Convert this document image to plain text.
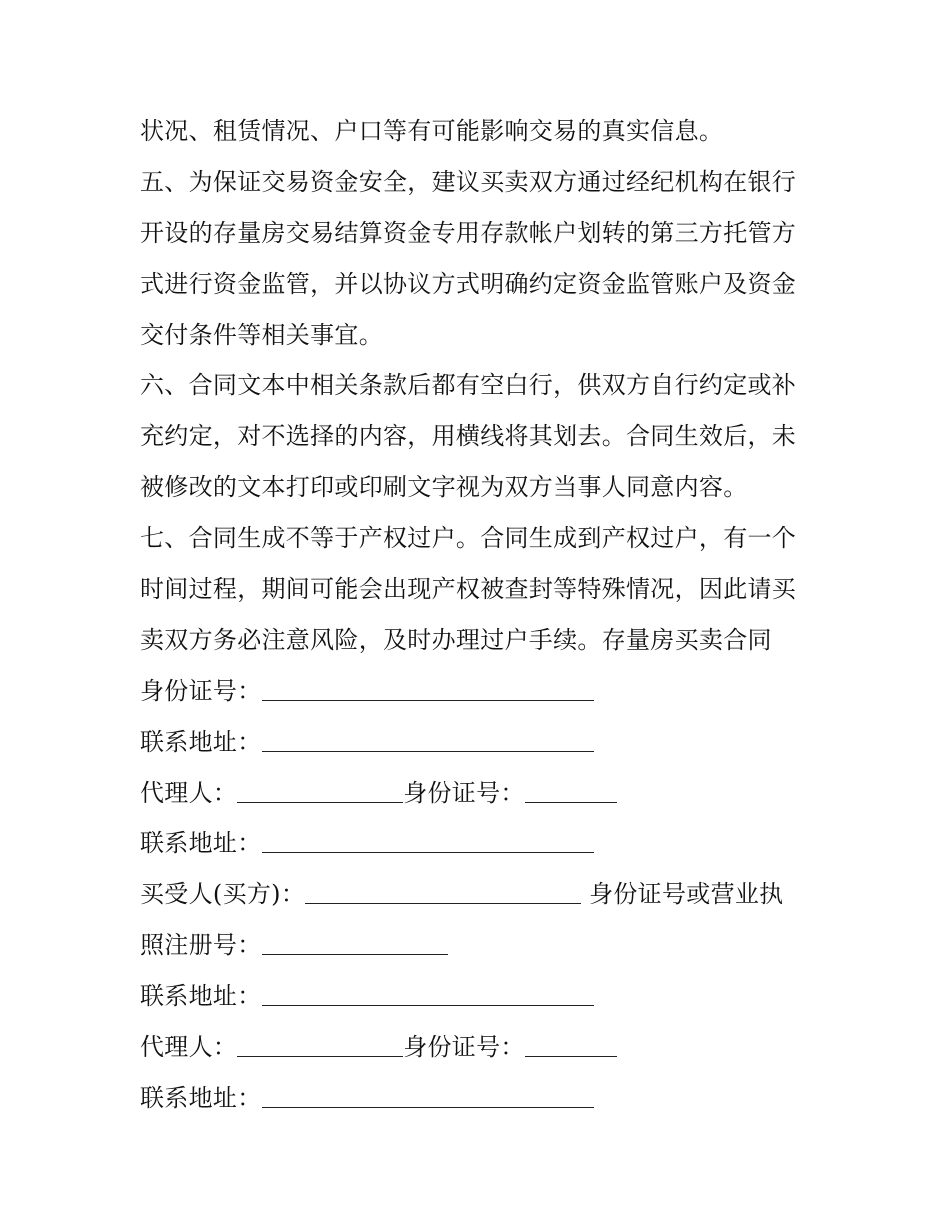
状况、租赁情况、户口等有可能影响交易的真实信息。
五、为保证交易资金安全，建议买卖双方通过经纪机构在银行
开设的存量房交易结算资金专用存款帐户划转的第三方托管方
式进行资金监管，并以协议方式明确约定资金监管账户及资金
交付条件等相关事宜。
六、合同文本中相关条款后都有空白行，供双方自行约定或补
充约定，对不选择的内容，用横线将其划去。合同生效后，未
被修改的文本打印或印刷文字视为双方当事人同意内容。
七、合同生成不等于产权过户。合同生成到产权过户，有一个
时间过程，期间可能会出现产权被查封等特殊情况，因此请买
卖双方务必注意风险，及时办理过户手续。存量房买卖合同
身份证号：
联系地址：
代理人：	身份证号：
联系地址：
买受人(买方)：	身份证号或营业执
照注册号：
联系地址：
代理人：	身份证号：
联系地址：
